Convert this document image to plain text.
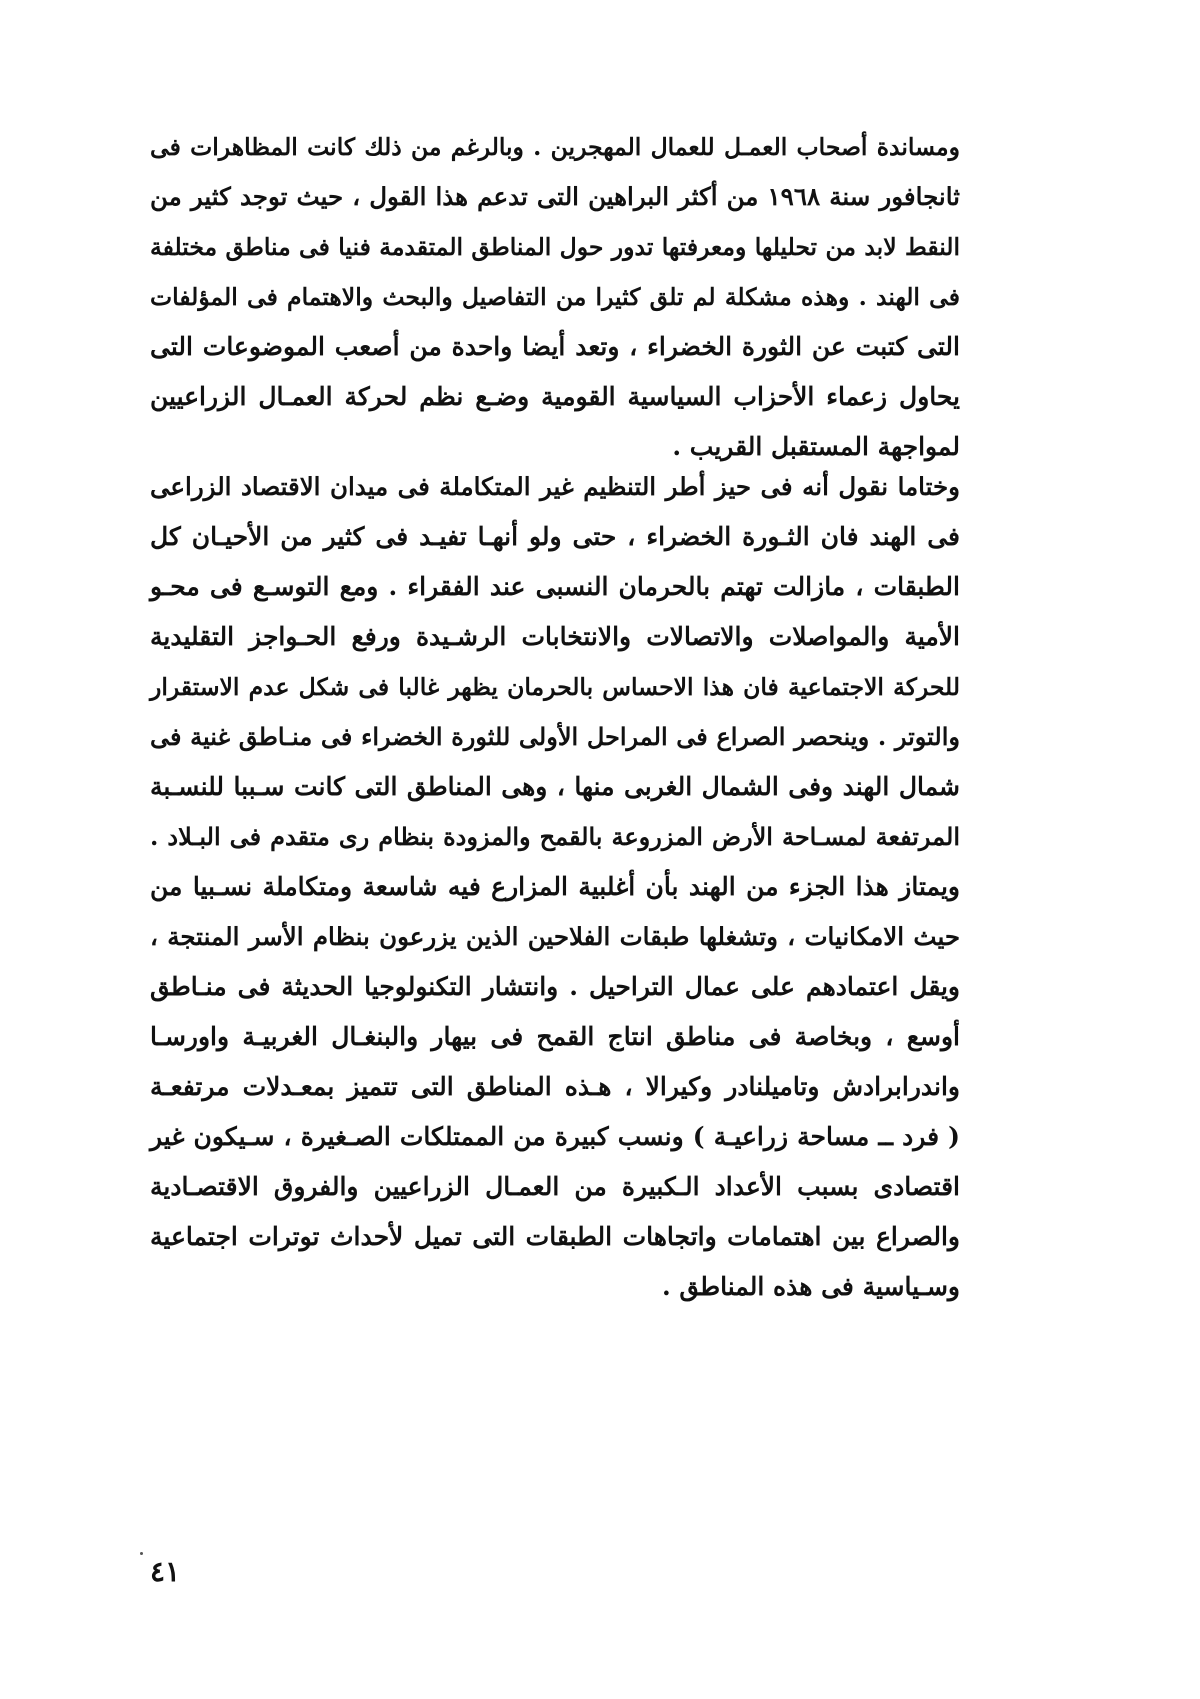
ومساندة أصحاب العمـل للعمال المهجرين . وبالرغم من ذلك كانت المظاهرات فى
ثانجافور سنة ١٩٦٨ من أكثر البراهين التى تدعم هذا القول ، حيث توجد كثير من
النقط لابد من تحليلها ومعرفتها تدور حول المناطق المتقدمة فنيا فى مناطق مختلفة
فى الهند . وهذه مشكلة لم تلق كثيرا من التفاصيل والبحث والاهتمام فى المؤلفات
التى كتبت عن الثورة الخضراء ، وتعد أيضا واحدة من أصعب الموضوعات التى
يحاول زعماء الأحزاب السياسية القومية وضـع نظم لحركة العمـال الزراعيين
لمواجهة المستقبل القريب .
وختاما نقول أنه فى حيز أطر التنظيم غير المتكاملة فى ميدان الاقتصاد الزراعى
فى الهند فان الثـورة الخضراء ، حتى ولو أنهـا تفيـد فى كثير من الأحيـان كل
الطبقات ، مازالت تهتم بالحرمان النسبى عند الفقراء . ومع التوسـع فى محـو
الأمية والمواصلات والاتصالات والانتخابات الرشـيدة ورفع الحـواجز التقليدية
للحركة الاجتماعية فان هذا الاحساس بالحرمان يظهر غالبا فى شكل عدم الاستقرار
والتوتر . وينحصر الصراع فى المراحل الأولى للثورة الخضراء فى منـاطق غنية فى
شمال الهند وفى الشمال الغربى منها ، وهى المناطق التى كانت سـببا للنسـبة
المرتفعة لمسـاحة الأرض المزروعة بالقمح والمزودة بنظام رى متقدم فى البـلاد .
ويمتاز هذا الجزء من الهند بأن أغلبية المزارع فيه شاسعة ومتكاملة نسـبيا من
حيث الامكانيات ، وتشغلها طبقات الفلاحين الذين يزرعون بنظام الأسر المنتجة ،
ويقل اعتمادهم على عمال التراحيل . وانتشار التكنولوجيا الحديثة فى منـاطق
أوسع ، وبخاصة فى مناطق انتاج القمح فى بيهار والبنغـال الغربيـة واورسـا
واندرابرادش وتاميلنادر وكيرالا ، هـذه المناطق التى تتميز بمعـدلات مرتفعـة
( فرد ــ مساحة زراعيـة ) ونسب كبيرة من الممتلكات الصـغيرة ، سـيكون غير
اقتصادى بسبب الأعداد الـكبيرة من العمـال الزراعيين والفروق الاقتصـادية
والصراع بين اهتمامات واتجاهات الطبقات التى تميل لأحداث توترات اجتماعية
وسـياسية فى هذه المناطق .
٤١
